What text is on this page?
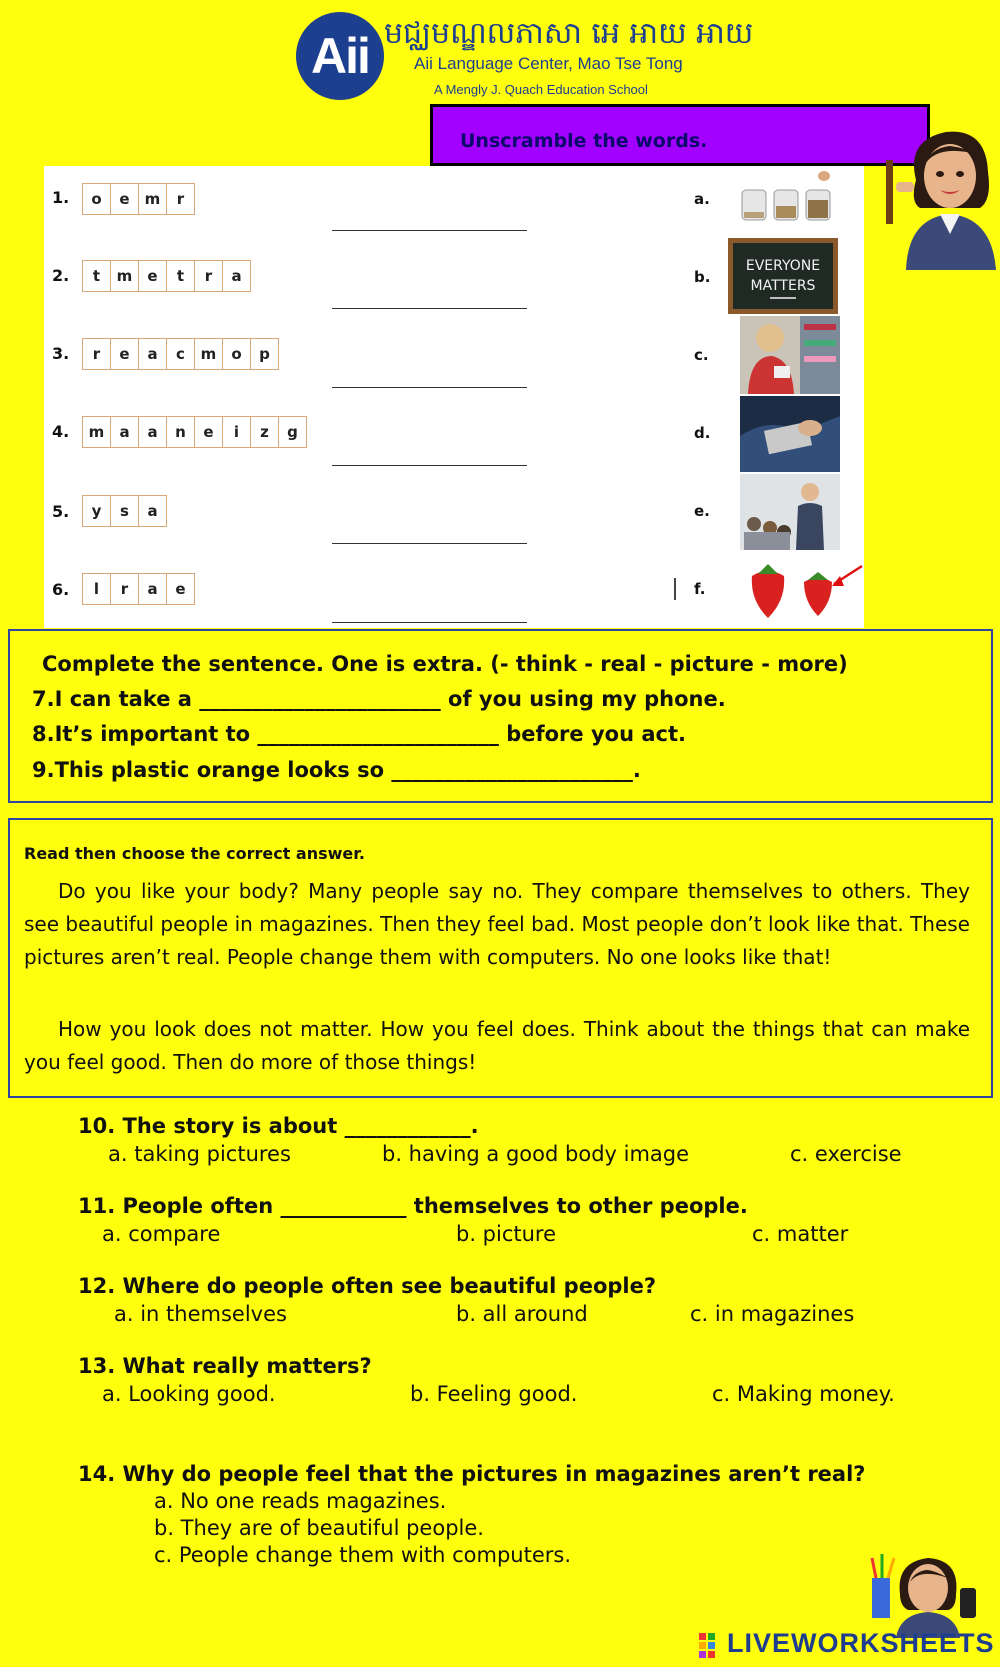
Aii មជ្ឈមណ្ឌលភាសា អេ អាយ អាយ
Aii Language Center, Mao Tse Tong
A Mengly J. Quach Education School
Unscramble the words.
1.	o	e	m	r
2.	t	m	e	t	r	a
3.	r	e	a	c	m	o	p
4.	m	a	a	n	e	i	z	g
5.	y	s	a
6.	l	r	a	e
a.
b.
c.
d.
e.
f.
EVERYONE
MATTERS
Complete the sentence. One is extra. (- think - real - picture - more)
7.I can take a _______________________ of you using my phone.
8.It’s important to _______________________ before you act.
9.This plastic orange looks so _______________________.
Read then choose the correct answer.
Do you like your body? Many people say no. They compare themselves to others. They see beautiful people in magazines. Then they feel bad. Most people don’t look like that. These pictures aren’t real. People change them with computers. No one looks like that!
How you look does not matter. How you feel does. Think about the things that can make you feel good. Then do more of those things!
10. The story is about ____________.
a. taking pictures	b. having a good body image	c. exercise
11. People often ____________ themselves to other people.
a. compare	b. picture	c. matter
12. Where do people often see beautiful people?
a. in themselves	b. all around	c. in magazines
13. What really matters?
a. Looking good.	b. Feeling good.	c. Making money.
14. Why do people feel that the pictures in magazines aren’t real?
a. No one reads magazines.
b. They are of beautiful people.
c. People change them with computers.
LIVEWORKSHEETS
